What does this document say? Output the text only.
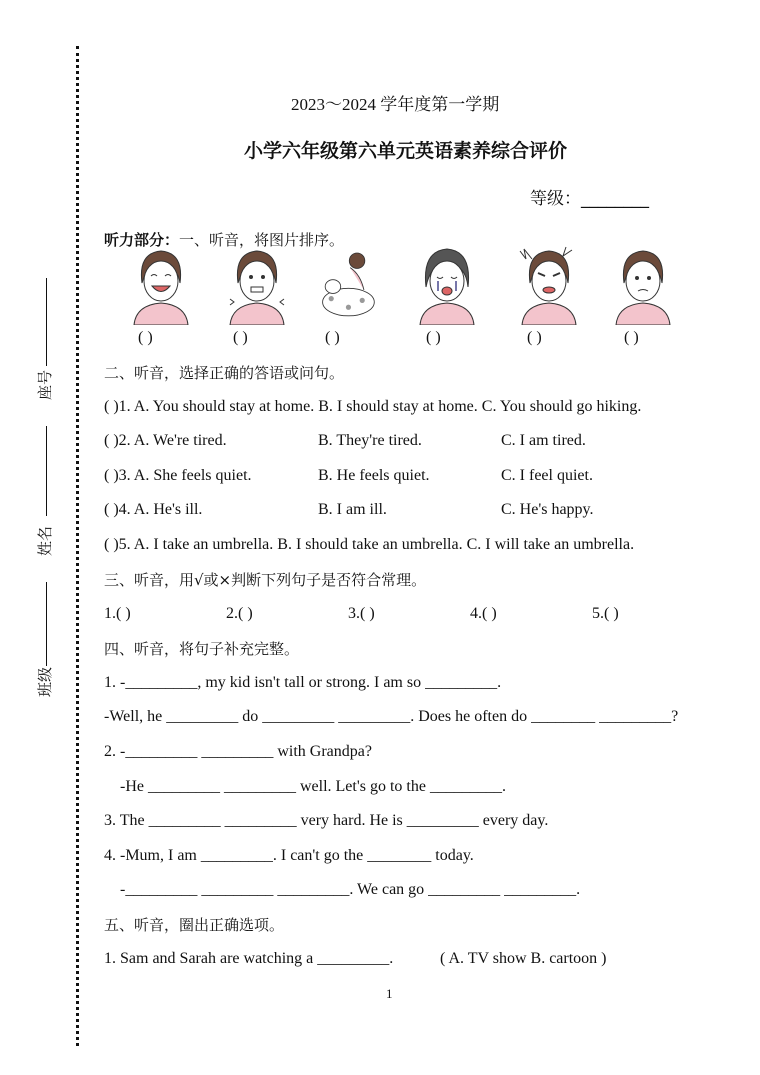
座号
姓名
班级
2023～2024 学年度第一学期
小学六年级第六单元英语素养综合评价
等级：________
听力部分：一、听音，将图片排序。
( )	( )	( )	( )	( )	( )
二、听音，选择正确的答语或问句。
( )1. A. You should stay at home. B. I should stay at home. C. You should go hiking.
( )2. A. We're tired.	B. They're tired.	C. I am tired.
( )3. A. She feels quiet.	B. He feels quiet.	C. I feel quiet.
( )4. A. He's ill.	B. I am ill.	C. He's happy.
( )5. A. I take an umbrella. B. I should take an umbrella. C. I will take an umbrella.
三、听音，用√或×判断下列句子是否符合常理。
1.( )	2.( )	3.( )	4.( )	5.( )
四、听音，将句子补充完整。
1. -_________, my kid isn't tall or strong. I am so _________.
-Well, he _________ do _________ _________. Does he often do ________ _________?
2. -_________ _________ with Grandpa?
-He _________ _________ well. Let's go to the _________.
3. The _________ _________ very hard. He is _________ every day.
4. -Mum, I am _________. I can't go the ________ today.
-_________ _________ _________. We can go _________ _________.
五、听音，圈出正确选项。
1. Sam and Sarah are watching a _________.	( A. TV show B. cartoon )
1
